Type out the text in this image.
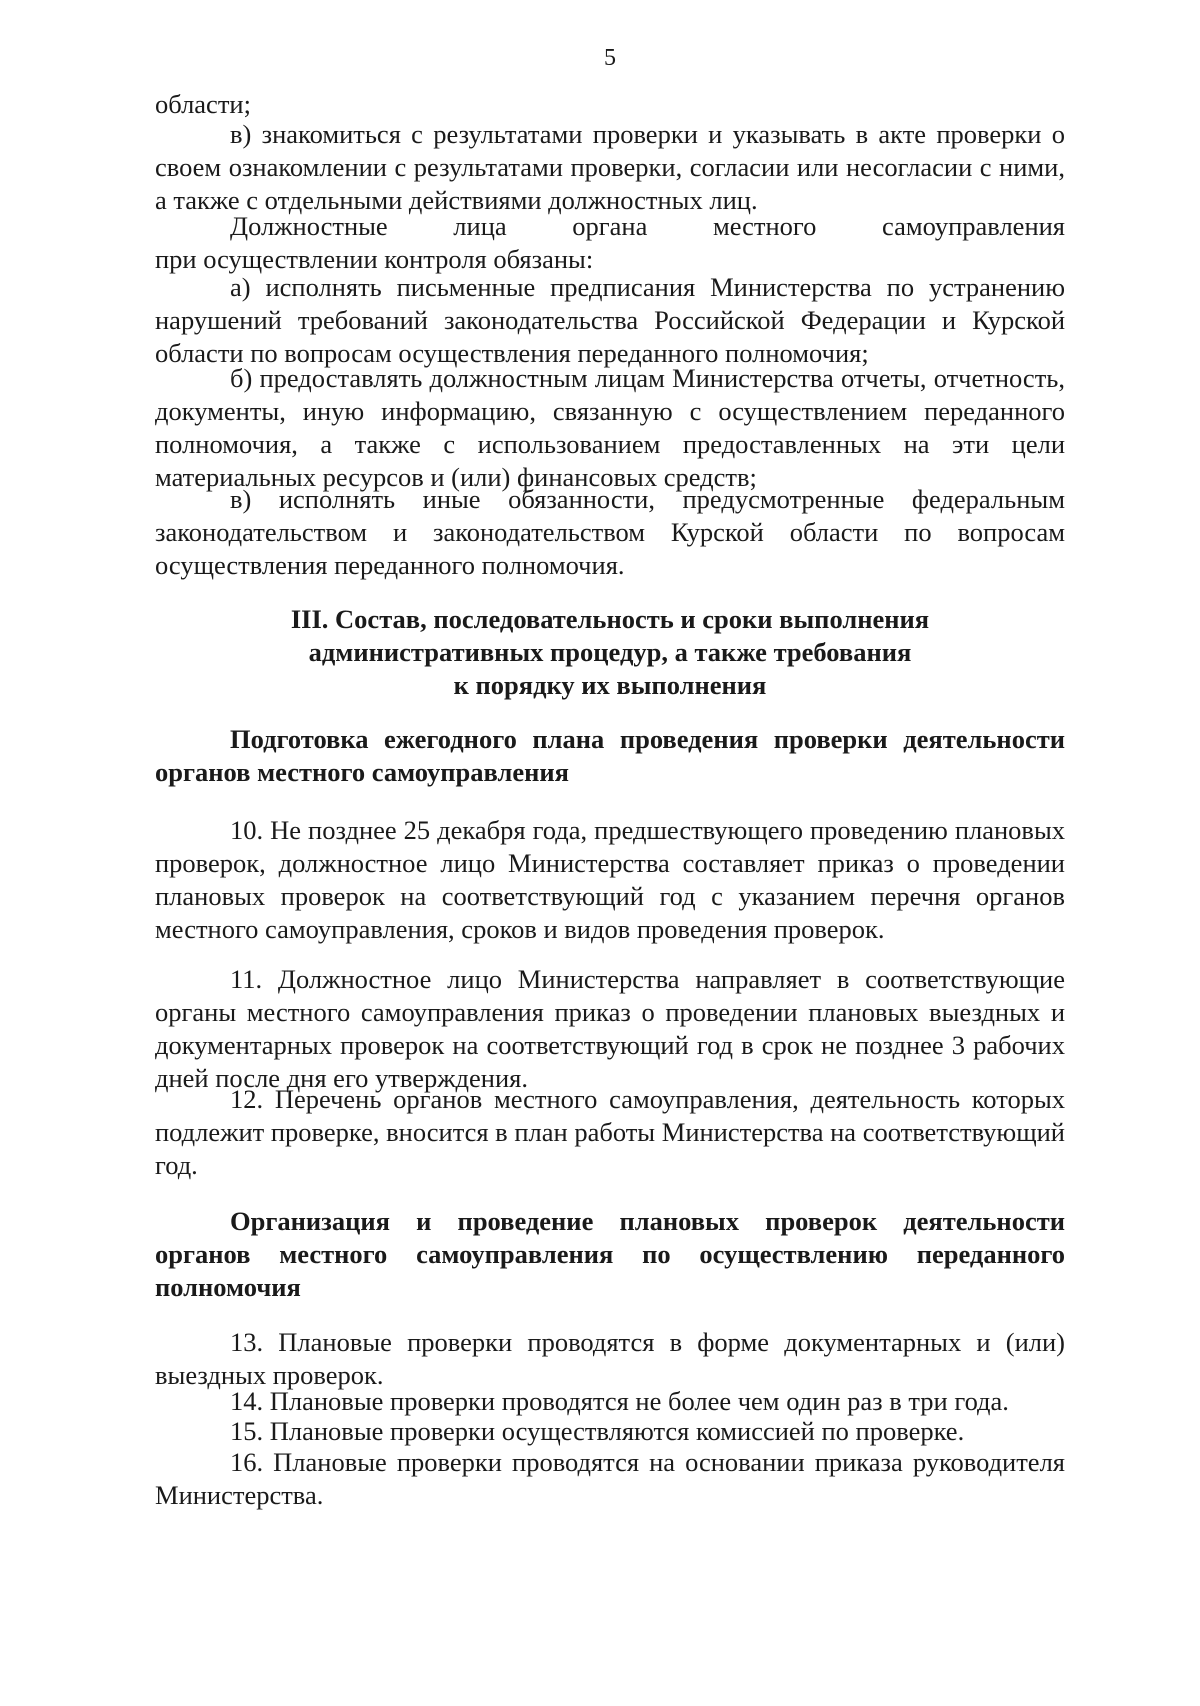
5

области;

в) знакомиться с результатами проверки и указывать в акте проверки о своем ознакомлении с результатами проверки, согласии или несогласии с ними, а также с отдельными действиями должностных лиц.

Должностные лица органа местного самоуправления
при осуществлении контроля обязаны:

а) исполнять письменные предписания Министерства по устранению нарушений требований законодательства Российской Федерации и Курской области по вопросам осуществления переданного полномочия;

б) предоставлять должностным лицам Министерства отчеты, отчетность, документы, иную информацию, связанную с осуществлением переданного полномочия, а также с использованием предоставленных на эти цели материальных ресурсов и (или) финансовых средств;

в) исполнять иные обязанности, предусмотренные федеральным законодательством и законодательством Курской области по вопросам осуществления переданного полномочия.

III. Состав, последовательность и сроки выполнения
административных процедур, а также требования
к порядку их выполнения

Подготовка ежегодного плана проведения проверки деятельности органов местного самоуправления

10. Не позднее 25 декабря года, предшествующего проведению плановых проверок, должностное лицо Министерства составляет приказ о проведении плановых проверок на соответствующий год с указанием перечня органов местного самоуправления, сроков и видов проведения проверок.

11. Должностное лицо Министерства направляет в соответствующие органы местного самоуправления приказ о проведении плановых выездных и документарных проверок на соответствующий год в срок не позднее 3 рабочих дней после дня его утверждения.

12. Перечень органов местного самоуправления, деятельность которых подлежит проверке, вносится в план работы Министерства на соответствующий год.

Организация и проведение плановых проверок деятельности органов местного самоуправления по осуществлению переданного полномочия

13. Плановые проверки проводятся в форме документарных и (или) выездных проверок.

14. Плановые проверки проводятся не более чем один раз в три года.

15. Плановые проверки осуществляются комиссией по проверке.

16. Плановые проверки проводятся на основании приказа руководителя Министерства.
